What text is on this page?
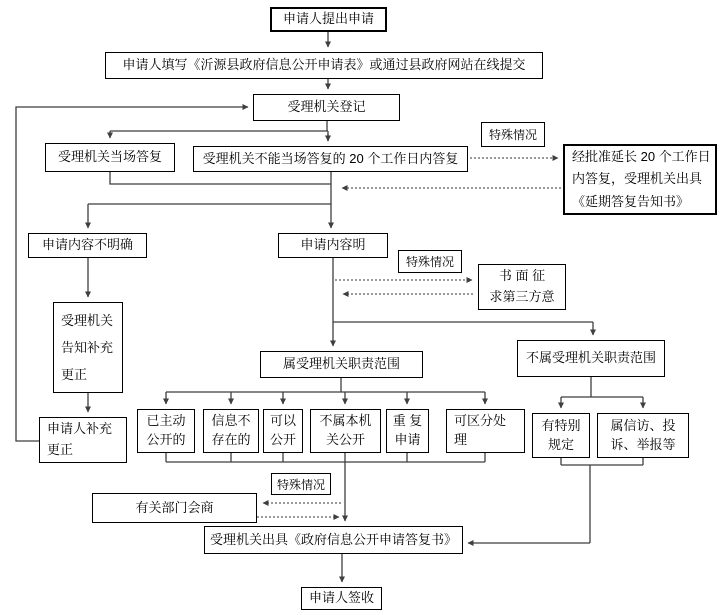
申请人提出申请
申请人填写《沂源县政府信息公开申请表》或通过县政府网站在线提交
受理机关登记
受理机关当场答复	受理机关不能当场答复的 20 个工作日内答复
特殊情况
经批准延长 20 个工作日
内答复，受理机关出具
《延期答复告知书》
申请内容不明确	申请内容明
特殊情况
书 面 征
求第三方意
受理机关
告知补充
更正
申请人补充
更正
属受理机关职责范围	不属受理机关职责范围
已主动
公开的
信息不
存在的
可以
公开
不属本机
关公开
重 复
申请
可区分处
理
有特别
规定
属信访、投
诉、举报等
特殊情况
有关部门会商
受理机关出具《政府信息公开申请答复书》
申请人签收
